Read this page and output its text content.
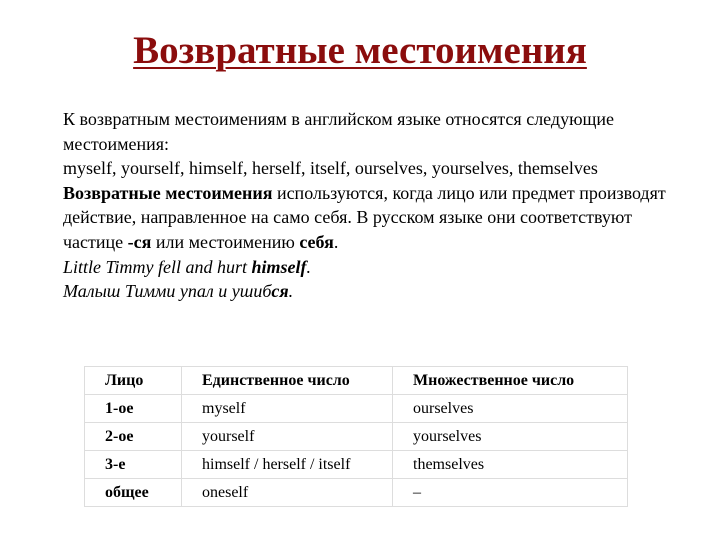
Возвратные местоимения

К возвратным местоимениям в английском языке относятся следующие местоимения:
myself, yourself, himself, herself, itself, ourselves, yourselves, themselves

Возвратные местоимения используются, когда лицо или предмет производят действие, направленное на само себя. В русском языке они соответствуют частице -ся или местоимению себя.

Little Timmy fell and hurt himself.

Малыш Тимми упал и ушибся.

Лицо	Единственное число	Множественное число
1-ое	myself	ourselves
2-ое	yourself	yourselves
3-е	himself / herself / itself	themselves
общее	oneself	–
